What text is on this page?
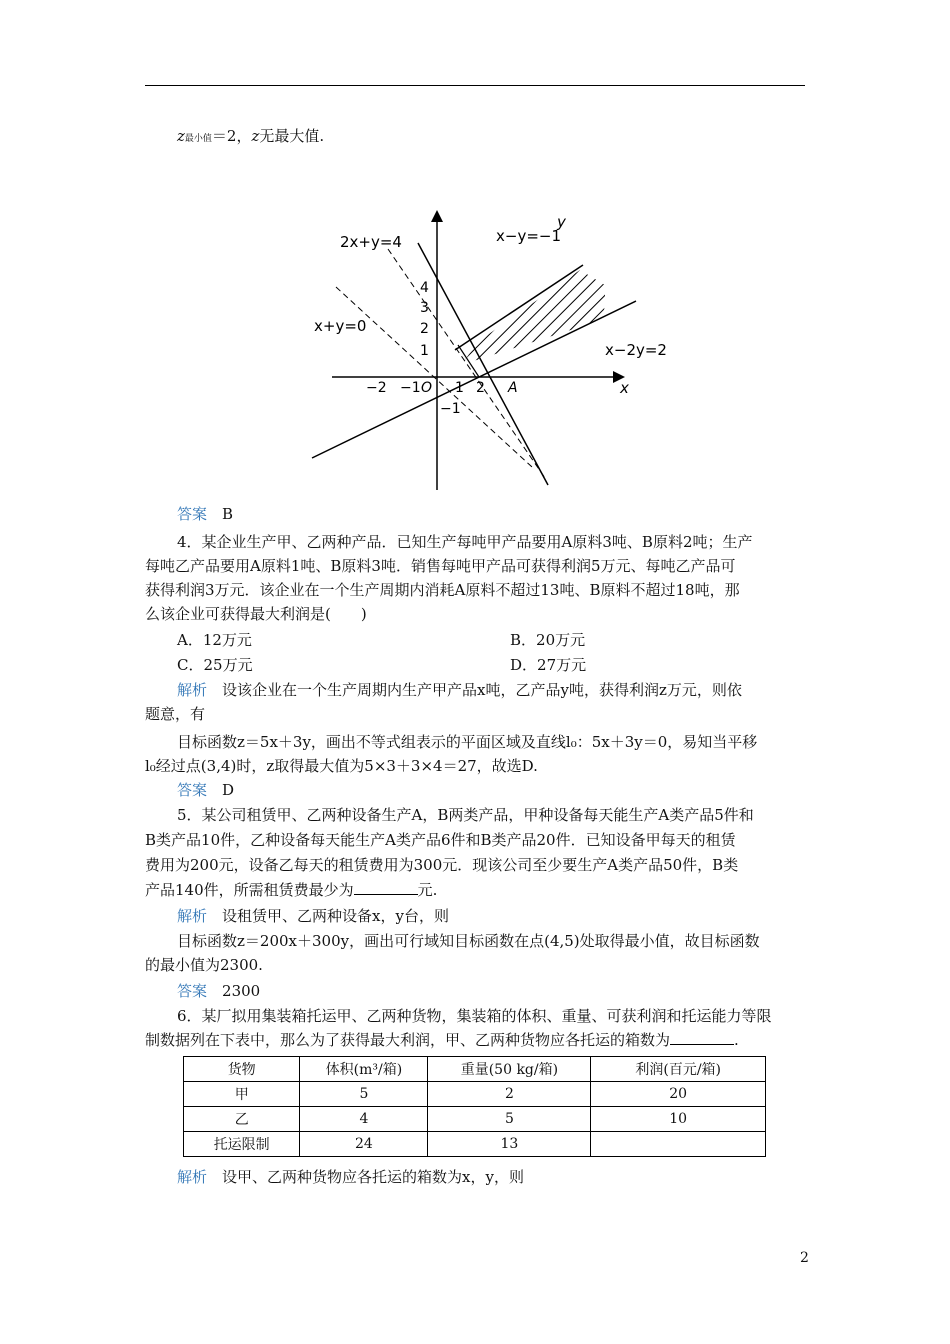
z最小值＝2，z无最大值.
y
x
2x+y=4	x−y=−1
x+y=0
x−2y=2
4
3
2
1
−2 −1 O 1 2 A
−1
答案　 B
4．某企业生产甲、乙两种产品．已知生产每吨甲产品要用A原料3吨、B原料2吨；生产
每吨乙产品要用A原料1吨、B原料3吨．销售每吨甲产品可获得利润5万元、每吨乙产品可
获得利润3万元．该企业在一个生产周期内消耗A原料不超过13吨、B原料不超过18吨，那
么该企业可获得最大利润是(　　)
A．12万元	B．20万元
C．25万元	D．27万元
解析　 设该企业在一个生产周期内生产甲产品x吨，乙产品y吨，获得利润z万元，则依
题意，有
目标函数z＝5x＋3y，画出不等式组表示的平面区域及直线l₀：5x＋3y＝0，易知当平移
l₀经过点(3,4)时，z取得最大值为5×3＋3×4＝27，故选D.
答案　 D
5．某公司租赁甲、乙两种设备生产A，B两类产品，甲种设备每天能生产A类产品5件和
B类产品10件，乙种设备每天能生产A类产品6件和B类产品20件．已知设备甲每天的租赁
费用为200元，设备乙每天的租赁费用为300元．现该公司至少要生产A类产品50件，B类
产品140件，所需租赁费最少为	元.
解析　 设租赁甲、乙两种设备x，y台，则
目标函数z＝200x＋300y，画出可行域知目标函数在点(4,5)处取得最小值，故目标函数
的最小值为2300.
答案　 2300
6．某厂拟用集装箱托运甲、乙两种货物，集装箱的体积、重量、可获利润和托运能力等限
制数据列在下表中，那么为了获得最大利润，甲、乙两种货物应各托运的箱数为	.
货物	体积(m³/箱)	重量(50 kg/箱)	利润(百元/箱)
甲	5	2	20
乙	4	5	10
托运限制	24	13	
解析　 设甲、乙两种货物应各托运的箱数为x，y，则
2
